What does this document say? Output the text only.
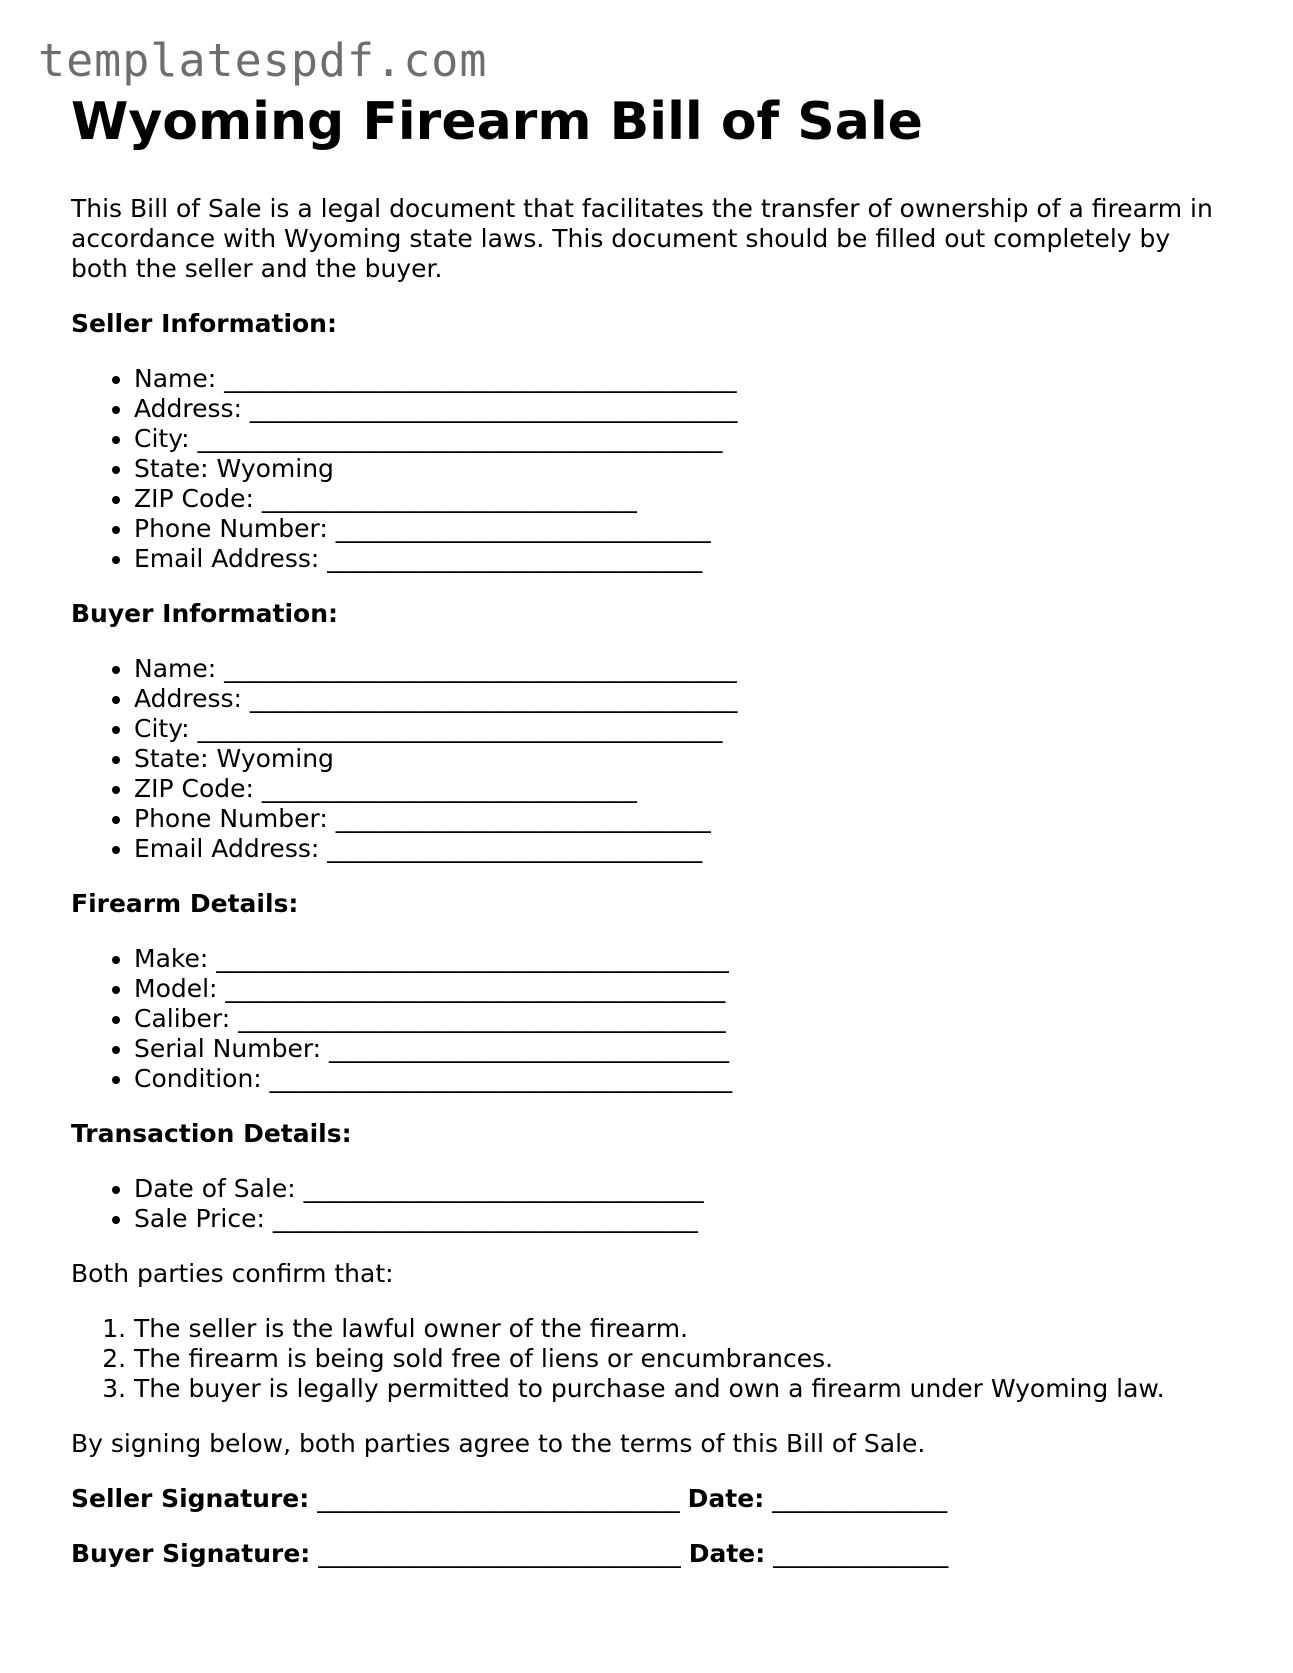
templatespdf.com
Wyoming Firearm Bill of Sale

This Bill of Sale is a legal document that facilitates the transfer of ownership of a firearm in accordance with Wyoming state laws. This document should be filled out completely by both the seller and the buyer.

Seller Information:
• Name: _________________________________________
• Address: _______________________________________
• City: __________________________________________
• State: Wyoming
• ZIP Code: ______________________________
• Phone Number: ______________________________
• Email Address: ______________________________
Buyer Information:
• Name: _________________________________________
• Address: _______________________________________
• City: __________________________________________
• State: Wyoming
• ZIP Code: ______________________________
• Phone Number: ______________________________
• Email Address: ______________________________
Firearm Details:
• Make: _________________________________________
• Model: ________________________________________
• Caliber: _______________________________________
• Serial Number: ________________________________
• Condition: _____________________________________
Transaction Details:
• Date of Sale: ________________________________
• Sale Price: __________________________________

Both parties confirm that:

1. The seller is the lawful owner of the firearm.
2. The firearm is being sold free of liens or encumbrances.
3. The buyer is legally permitted to purchase and own a firearm under Wyoming law.

By signing below, both parties agree to the terms of this Bill of Sale.

Seller Signature: _____________________________ Date: ______________
Buyer Signature: _____________________________ Date: ______________
